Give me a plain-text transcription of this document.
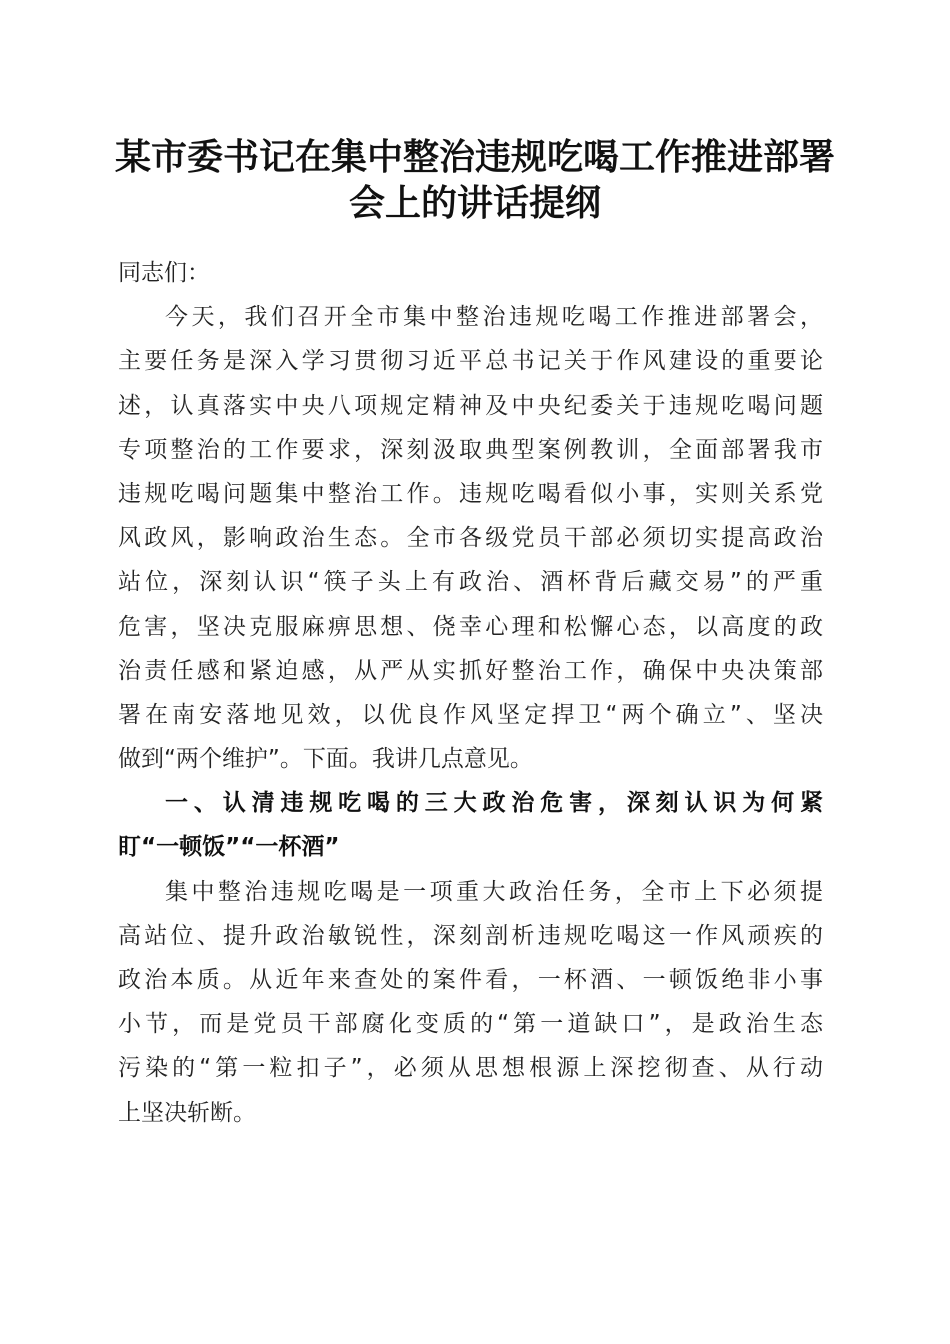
某市委书记在集中整治违规吃喝工作推进部署
会上的讲话提纲
同志们：
今天，我们召开全市集中整治违规吃喝工作推进部署会，
主要任务是深入学习贯彻习近平总书记关于作风建设的重要论
述，认真落实中央八项规定精神及中央纪委关于违规吃喝问题
专项整治的工作要求，深刻汲取典型案例教训，全面部署我市
违规吃喝问题集中整治工作。违规吃喝看似小事，实则关系党
风政风，影响政治生态。全市各级党员干部必须切实提高政治
站位，深刻认识“筷子头上有政治、酒杯背后藏交易”的严重
危害，坚决克服麻痹思想、侥幸心理和松懈心态，以高度的政
治责任感和紧迫感，从严从实抓好整治工作，确保中央决策部
署在南安落地见效，以优良作风坚定捍卫“两个确立”、坚决
做到“两个维护”。下面。我讲几点意见。
一、认清违规吃喝的三大政治危害，深刻认识为何紧
盯“一顿饭”“一杯酒”
集中整治违规吃喝是一项重大政治任务，全市上下必须提
高站位、提升政治敏锐性，深刻剖析违规吃喝这一作风顽疾的
政治本质。从近年来查处的案件看，一杯酒、一顿饭绝非小事
小节，而是党员干部腐化变质的“第一道缺口”，是政治生态
污染的“第一粒扣子”，必须从思想根源上深挖彻查、从行动
上坚决斩断。
